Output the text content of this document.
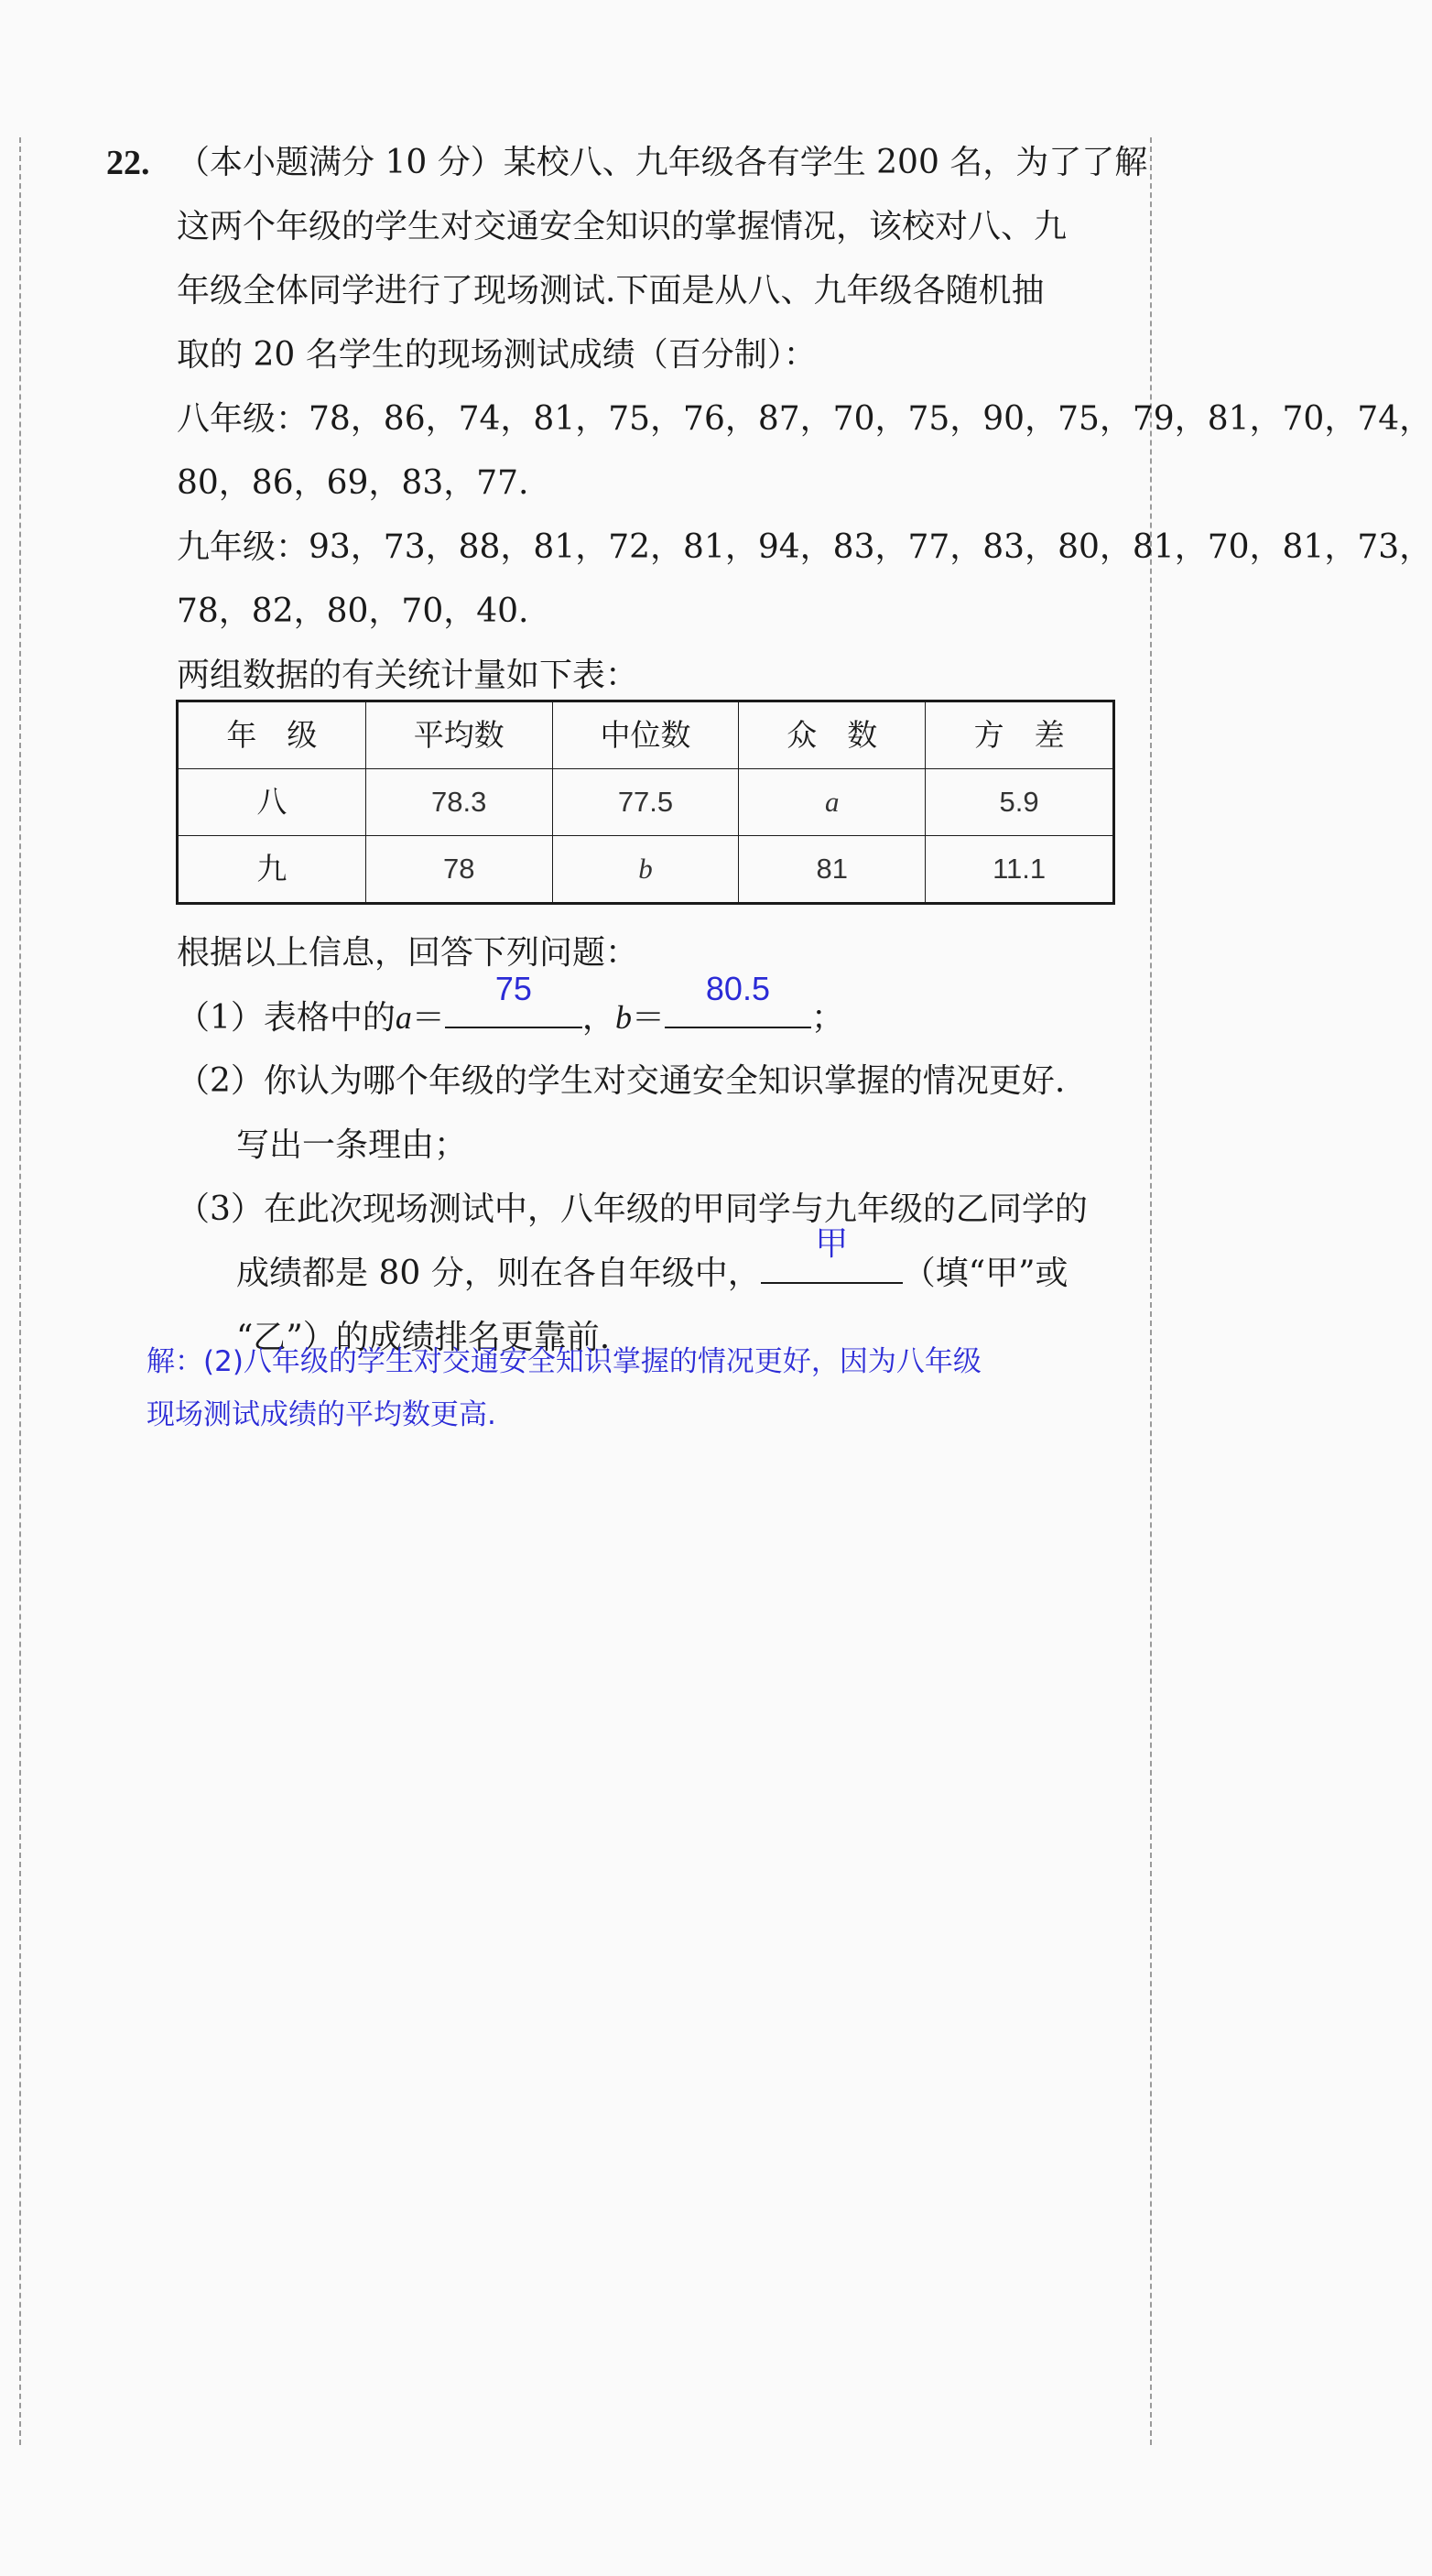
22. （本小题满分 10 分）某校八、九年级各有学生 200 名，为了了解
这两个年级的学生对交通安全知识的掌握情况，该校对八、九
年级全体同学进行了现场测试.下面是从八、九年级各随机抽
取的 20 名学生的现场测试成绩（百分制）：
八年级：78，86，74，81，75，76，87，70，75，90，75，79，81，70，74，
80，86，69，83，77.
九年级：93，73，88，81，72，81，94，83，77，83，80，81，70，81，73，
78，82，80，70，40.
两组数据的有关统计量如下表：
年　级	平均数	中位数	众　数	方　差
八	78.3	77.5	a	5.9
九	78	b	81	11.1
根据以上信息，回答下列问题：
（1）表格中的a＝
75
，b＝
80.5
；
（2）你认为哪个年级的学生对交通安全知识掌握的情况更好.
写出一条理由；
（3）在此次现场测试中，八年级的甲同学与九年级的乙同学的
成绩都是 80 分，则在各自年级中，
甲
（填“甲”或
“乙”）的成绩排名更靠前.
解：(2)八年级的学生对交通安全知识掌握的情况更好，因为八年级
现场测试成绩的平均数更高.
